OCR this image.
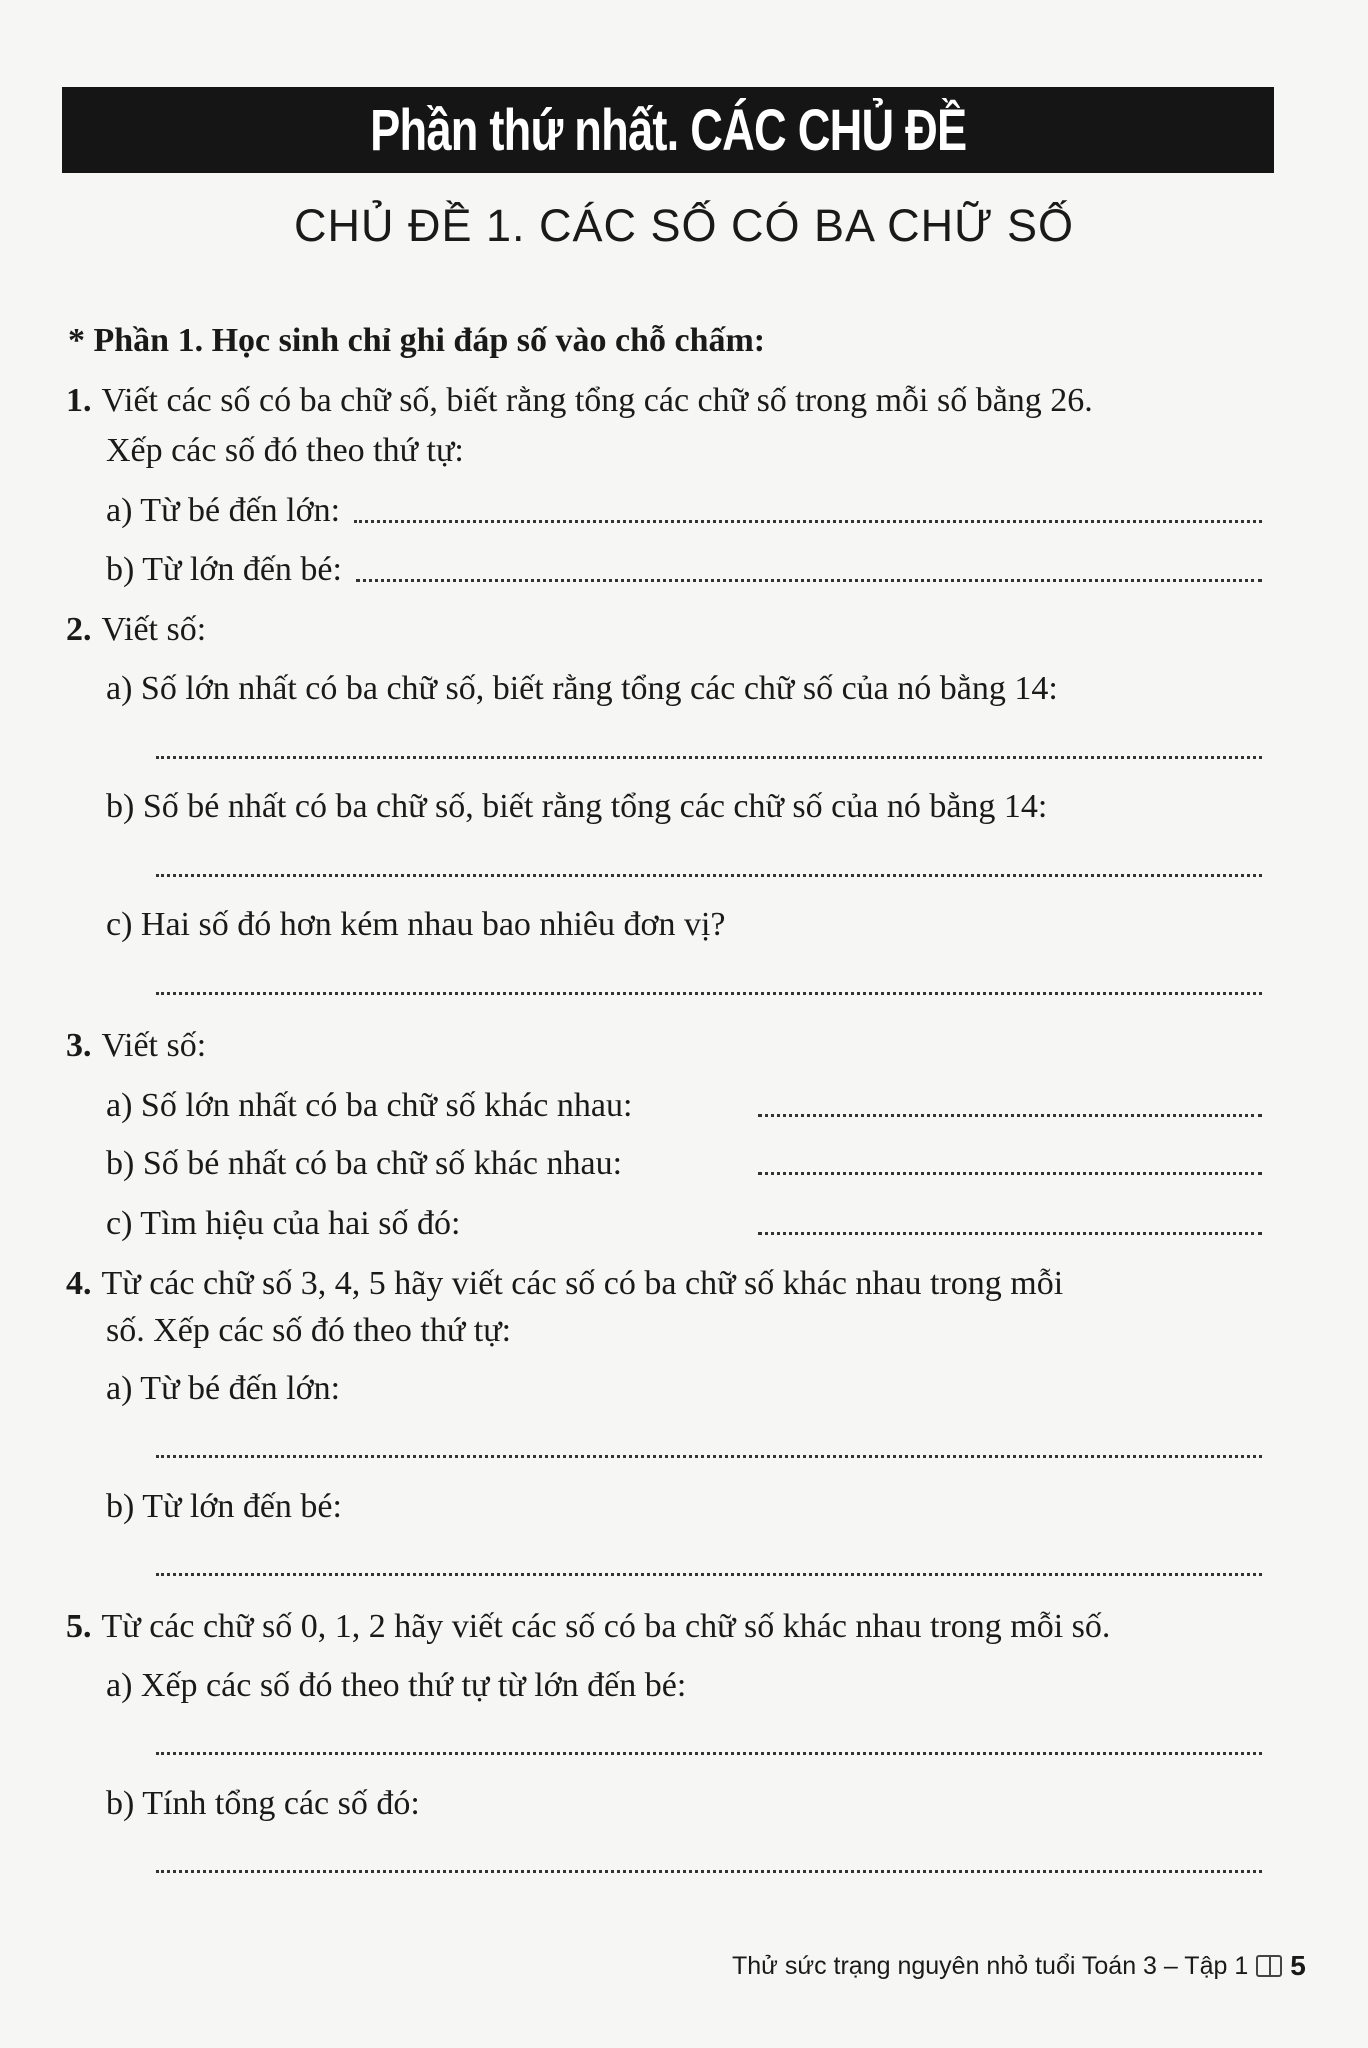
Phần thứ nhất. CÁC CHỦ ĐỀ
CHỦ ĐỀ 1. CÁC SỐ CÓ BA CHỮ SỐ
* Phần 1. Học sinh chỉ ghi đáp số vào chỗ chấm:
1. Viết các số có ba chữ số, biết rằng tổng các chữ số trong mỗi số bằng 26.
Xếp các số đó theo thứ tự:
a) Từ bé đến lớn:
b) Từ lớn đến bé:
2. Viết số:
a) Số lớn nhất có ba chữ số, biết rằng tổng các chữ số của nó bằng 14:
b) Số bé nhất có ba chữ số, biết rằng tổng các chữ số của nó bằng 14:
c) Hai số đó hơn kém nhau bao nhiêu đơn vị?
3. Viết số:
a) Số lớn nhất có ba chữ số khác nhau:
b) Số bé nhất có ba chữ số khác nhau:
c) Tìm hiệu của hai số đó:
4. Từ các chữ số 3, 4, 5 hãy viết các số có ba chữ số khác nhau trong mỗi
số. Xếp các số đó theo thứ tự:
a) Từ bé đến lớn:
b) Từ lớn đến bé:
5. Từ các chữ số 0, 1, 2 hãy viết các số có ba chữ số khác nhau trong mỗi số.
a) Xếp các số đó theo thứ tự từ lớn đến bé:
b) Tính tổng các số đó:
Thử sức trạng nguyên nhỏ tuổi Toán 3 – Tập 1 5
